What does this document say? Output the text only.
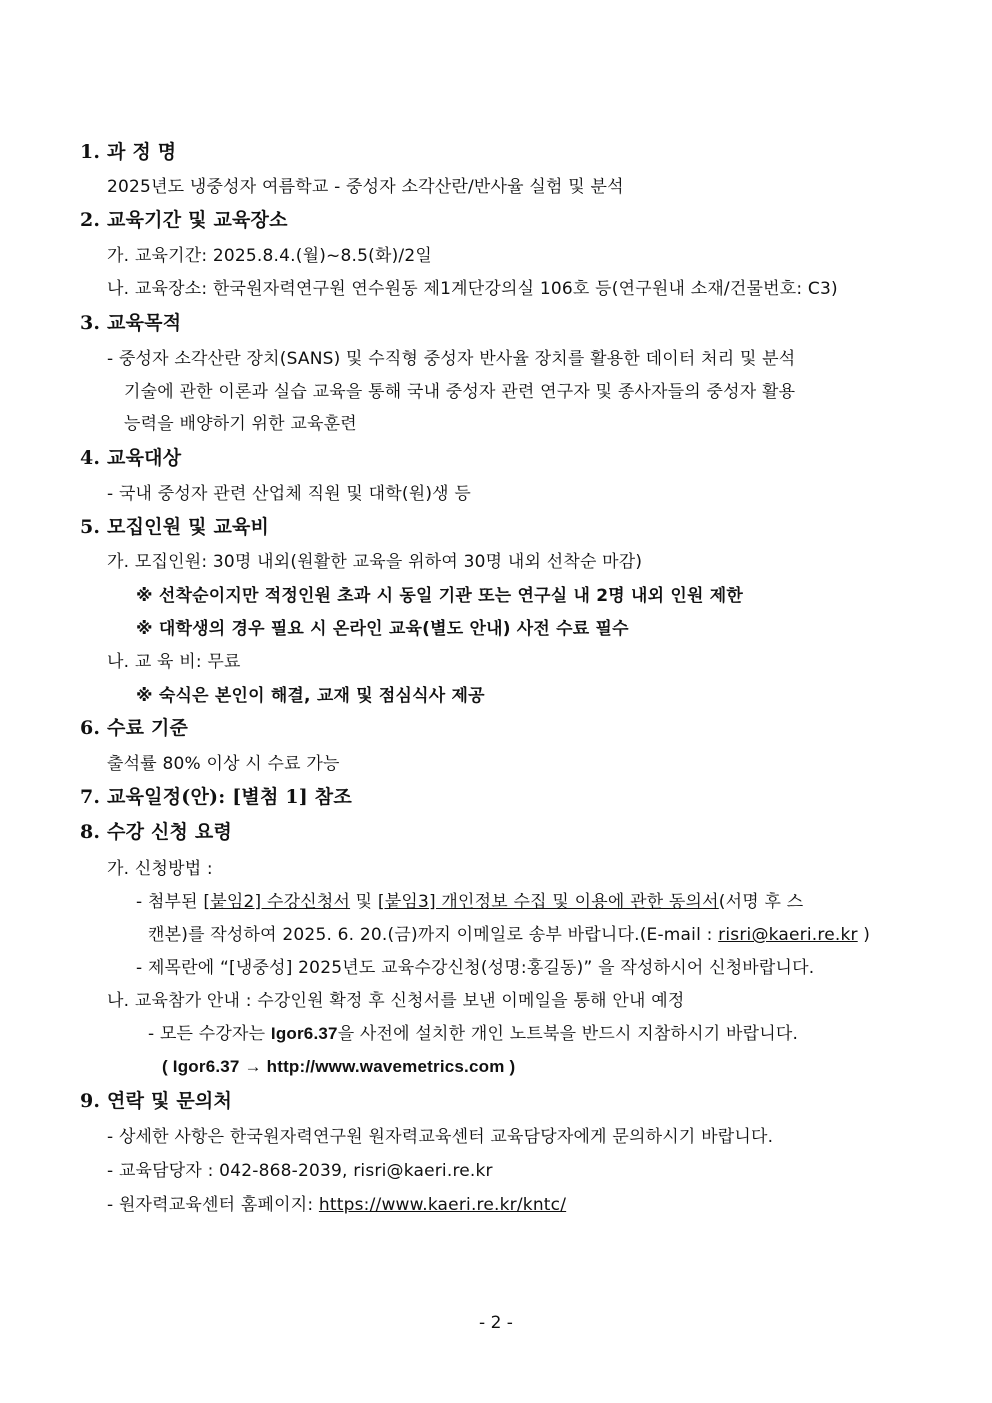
1. 과 정 명
2025년도 냉중성자 여름학교 - 중성자 소각산란/반사율 실험 및 분석
2. 교육기간 및 교육장소
가. 교육기간: 2025.8.4.(월)~8.5(화)/2일
나. 교육장소: 한국원자력연구원 연수원동 제1계단강의실 106호 등(연구원내 소재/건물번호: C3)
3. 교육목적
- 중성자 소각산란 장치(SANS) 및 수직형 중성자 반사율 장치를 활용한 데이터 처리 및 분석
기술에 관한 이론과 실습 교육을 통해 국내 중성자 관련 연구자 및 종사자들의 중성자 활용
능력을 배양하기 위한 교육훈련
4. 교육대상
- 국내 중성자 관련 산업체 직원 및 대학(원)생 등
5. 모집인원 및 교육비
가. 모집인원: 30명 내외(원활한 교육을 위하여 30명 내외 선착순 마감)
※ 선착순이지만 적정인원 초과 시 동일 기관 또는 연구실 내 2명 내외 인원 제한
※ 대학생의 경우 필요 시 온라인 교육(별도 안내) 사전 수료 필수
나. 교 육 비: 무료
※ 숙식은 본인이 해결, 교재 및 점심식사 제공
6. 수료 기준
출석률 80% 이상 시 수료 가능
7. 교육일정(안): [별첨 1] 참조
8. 수강 신청 요령
가. 신청방법 :
- 첨부된 [붙임2] 수강신청서 및 [붙임3] 개인정보 수집 및 이용에 관한 동의서(서명 후 스
캔본)를 작성하여 2025. 6. 20.(금)까지 이메일로 송부 바랍니다.(E-mail : risri@kaeri.re.kr )
- 제목란에 “[냉중성] 2025년도 교육수강신청(성명:홍길동)” 을 작성하시어 신청바랍니다.
나. 교육참가 안내 : 수강인원 확정 후 신청서를 보낸 이메일을 통해 안내 예정
- 모든 수강자는 Igor6.37을 사전에 설치한 개인 노트북을 반드시 지참하시기 바랍니다.
( Igor6.37 → http://www.wavemetrics.com )
9. 연락 및 문의처
- 상세한 사항은 한국원자력연구원 원자력교육센터 교육담당자에게 문의하시기 바랍니다.
- 교육담당자 : 042-868-2039, risri@kaeri.re.kr
- 원자력교육센터 홈페이지: https://www.kaeri.re.kr/kntc/
- 2 -
